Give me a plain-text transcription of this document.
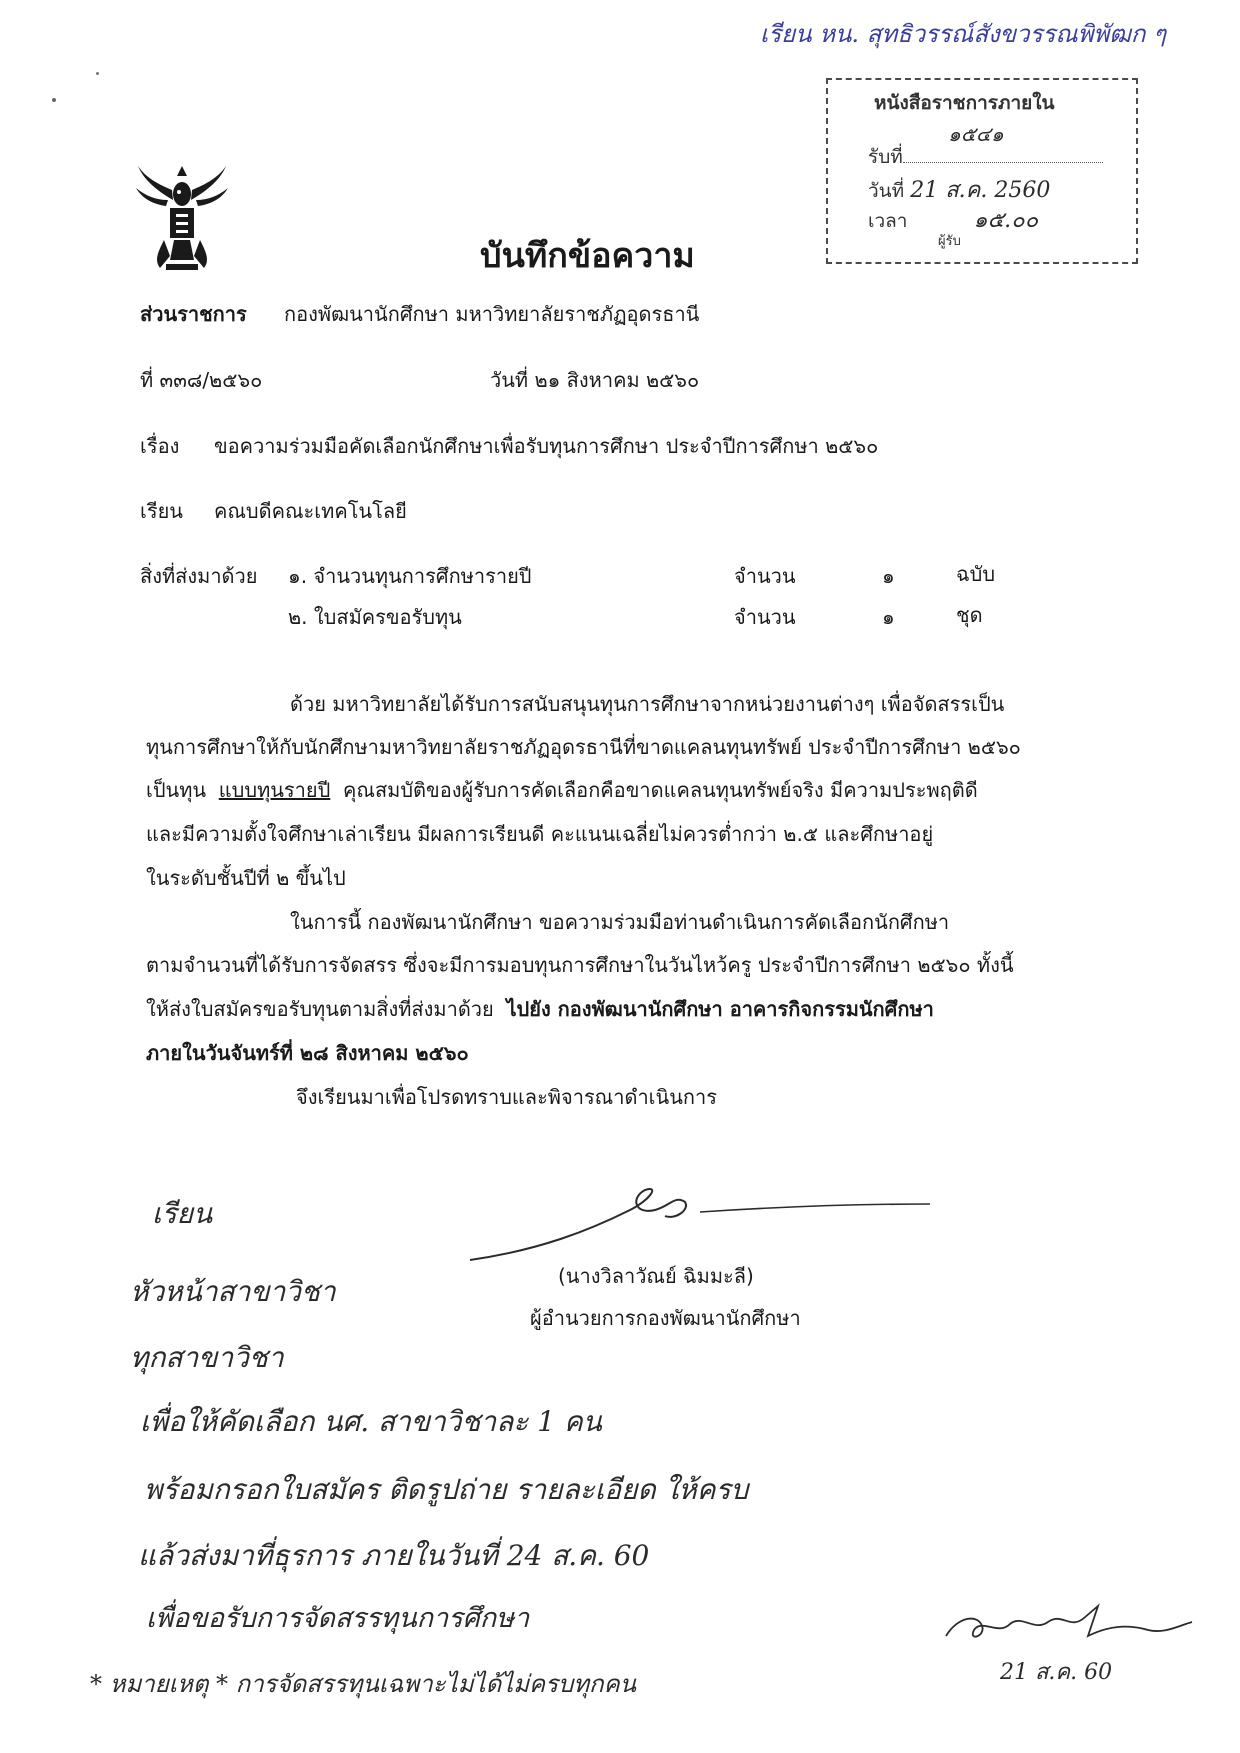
เรียน หน. สุทธิวรรณ์สังขวรรณพิพัฒก ๆ
หนังสือราชการภายใน
๑๕๔๑
รับที่
วันที่ 21 ส.ค. 2560
เวลา	๑๕.๐๐
ผู้รับ
บันทึกข้อความ
ส่วนราชการ กองพัฒนานักศึกษา มหาวิทยาลัยราชภัฏอุดรธานี
ที่ ๓๓๘/๒๕๖๐	วันที่ ๒๑ สิงหาคม ๒๕๖๐
เรื่อง ขอความร่วมมือคัดเลือกนักศึกษาเพื่อรับทุนการศึกษา ประจำปีการศึกษา ๒๕๖๐
เรียน คณบดีคณะเทคโนโลยี
สิ่งที่ส่งมาด้วย ๑. จำนวนทุนการศึกษารายปี	จำนวน	๑	ฉบับ
๒. ใบสมัครขอรับทุน	จำนวน	๑	ชุด
ด้วย มหาวิทยาลัยได้รับการสนับสนุนทุนการศึกษาจากหน่วยงานต่างๆ เพื่อจัดสรรเป็น
ทุนการศึกษาให้กับนักศึกษามหาวิทยาลัยราชภัฏอุดรธานีที่ขาดแคลนทุนทรัพย์ ประจำปีการศึกษา ๒๕๖๐
เป็นทุน แบบทุนรายปี คุณสมบัติของผู้รับการคัดเลือกคือขาดแคลนทุนทรัพย์จริง มีความประพฤติดี
และมีความตั้งใจศึกษาเล่าเรียน มีผลการเรียนดี คะแนนเฉลี่ยไม่ควรต่ำกว่า ๒.๕ และศึกษาอยู่
ในระดับชั้นปีที่ ๒ ขึ้นไป
ในการนี้ กองพัฒนานักศึกษา ขอความร่วมมือท่านดำเนินการคัดเลือกนักศึกษา
ตามจำนวนที่ได้รับการจัดสรร ซึ่งจะมีการมอบทุนการศึกษาในวันไหว้ครู ประจำปีการศึกษา ๒๕๖๐ ทั้งนี้
ให้ส่งใบสมัครขอรับทุนตามสิ่งที่ส่งมาด้วย ไปยัง กองพัฒนานักศึกษา อาคารกิจกรรมนักศึกษา
ภายในวันจันทร์ที่ ๒๘ สิงหาคม ๒๕๖๐
จึงเรียนมาเพื่อโปรดทราบและพิจารณาดำเนินการ
(นางวิลาวัณย์ ฉิมมะลี)
ผู้อำนวยการกองพัฒนานักศึกษา
เรียน
หัวหน้าสาขาวิชา
ทุกสาขาวิชา
เพื่อให้คัดเลือก นศ. สาขาวิชาละ 1 คน
พร้อมกรอกใบสมัคร ติดรูปถ่าย รายละเอียด ให้ครบ
แล้วส่งมาที่ธุรการ ภายในวันที่ 24 ส.ค. 60
เพื่อขอรับการจัดสรรทุนการศึกษา
* หมายเหตุ * การจัดสรรทุนเฉพาะไม่ได้ไม่ครบทุกคน	21 ส.ค. 60
